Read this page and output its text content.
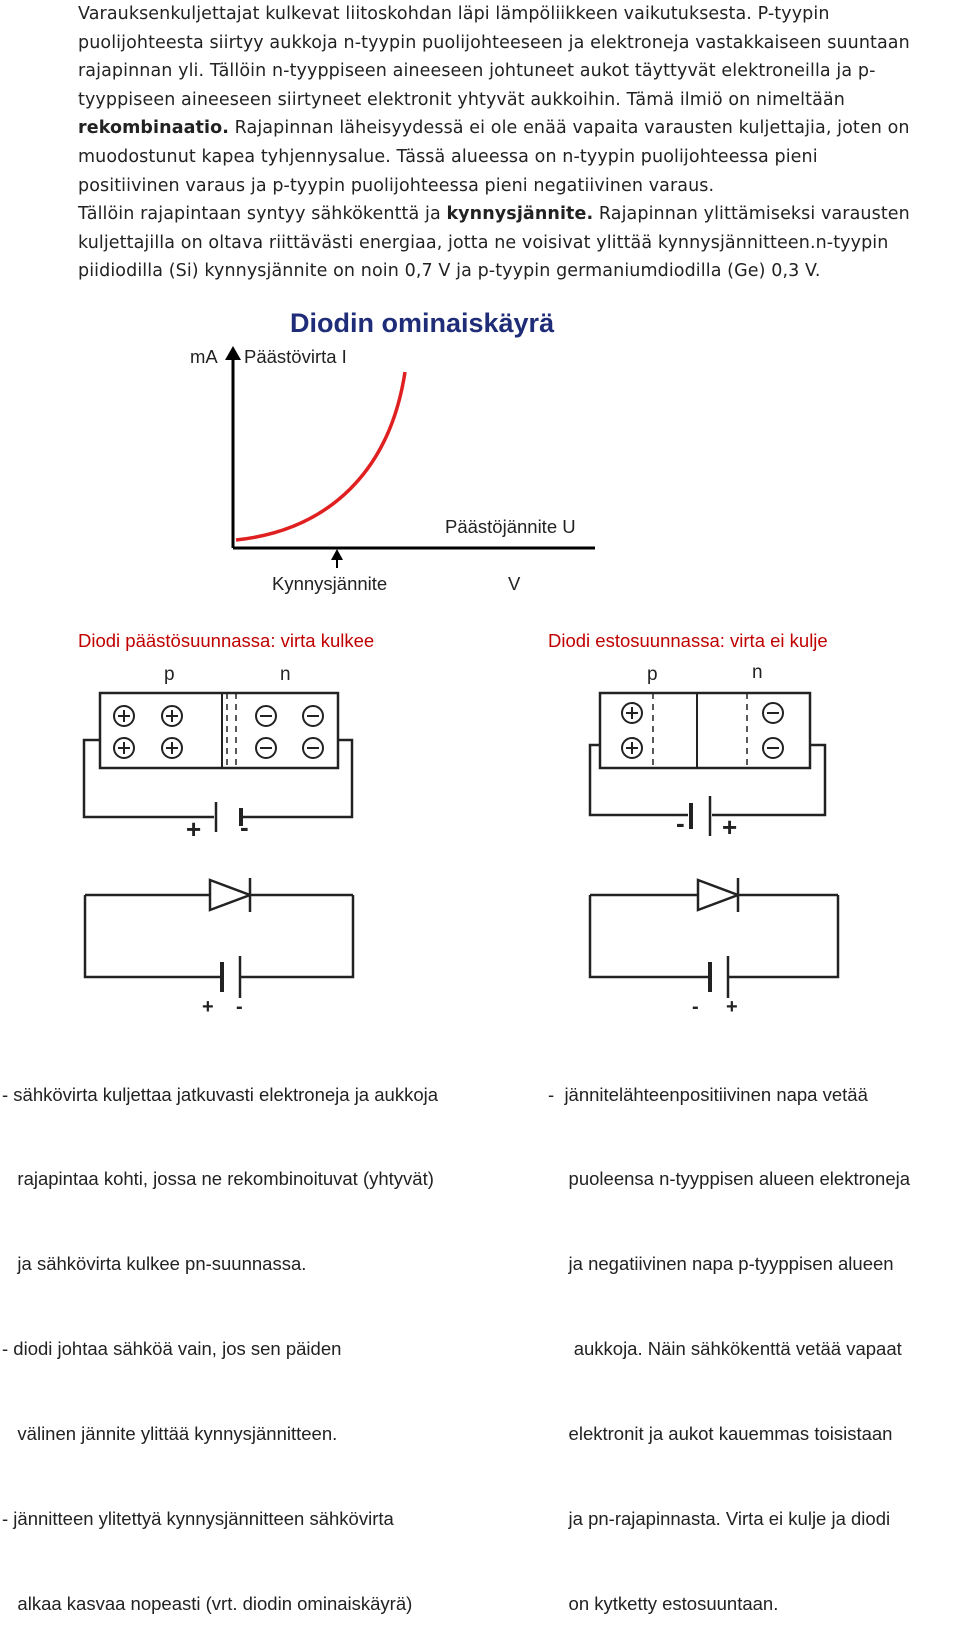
Varauksenkuljettajat kulkevat liitoskohdan läpi lämpöliikkeen vaikutuksesta. P-tyypin
puolijohteesta siirtyy aukkoja n-tyypin puolijohteeseen ja elektroneja vastakkaiseen suuntaan
rajapinnan yli. Tällöin n-tyyppiseen aineeseen johtuneet aukot täyttyvät elektroneilla ja p-
tyyppiseen aineeseen siirtyneet elektronit yhtyvät aukkoihin. Tämä ilmiö on nimeltään
rekombinaatio. Rajapinnan läheisyydessä ei ole enää vapaita varausten kuljettajia, joten on
muodostunut kapea tyhjennysalue. Tässä alueessa on n-tyypin puolijohteessa pieni
positiivinen varaus ja p-tyypin puolijohteessa pieni negatiivinen varaus.
Tällöin rajapintaan syntyy sähkökenttä ja kynnysjännite. Rajapinnan ylittämiseksi varausten
kuljettajilla on oltava riittävästi energiaa, jotta ne voisivat ylittää kynnysjännitteen.n-tyypin
piidiodilla (Si) kynnysjännite on noin 0,7 V ja p-tyypin germaniumdiodilla (Ge) 0,3 V.
Diodin ominaiskäyrä
mA Päästövirta I
Päästöjännite U
Kynnysjännite	V
Diodi päästösuunnassa: virta kulkee	Diodi estosuunnassa: virta ei kulje
p	n	p	n
+ -	- +
+ -	- +

- sähkövirta kuljettaa jatkuvasti elektroneja ja aukkoja

rajapintaa kohti, jossa ne rekombinoituvat (yhtyvät)

ja sähkövirta kulkee pn-suunnassa.

- diodi johtaa sähköä vain, jos sen päiden

välinen jännite ylittää kynnysjännitteen.

- jännitteen ylitettyä kynnysjännitteen sähkövirta

alkaa kasvaa nopeasti (vrt. diodin ominaiskäyrä)

-  jännitelähteenpositiivinen napa vetää

puoleensa n-tyyppisen alueen elektroneja

ja negatiivinen napa p-tyyppisen alueen

aukkoja. Näin sähkökenttä vetää vapaat

elektronit ja aukot kauemmas toisistaan

ja pn-rajapinnasta. Virta ei kulje ja diodi

on kytketty estosuuntaan.
